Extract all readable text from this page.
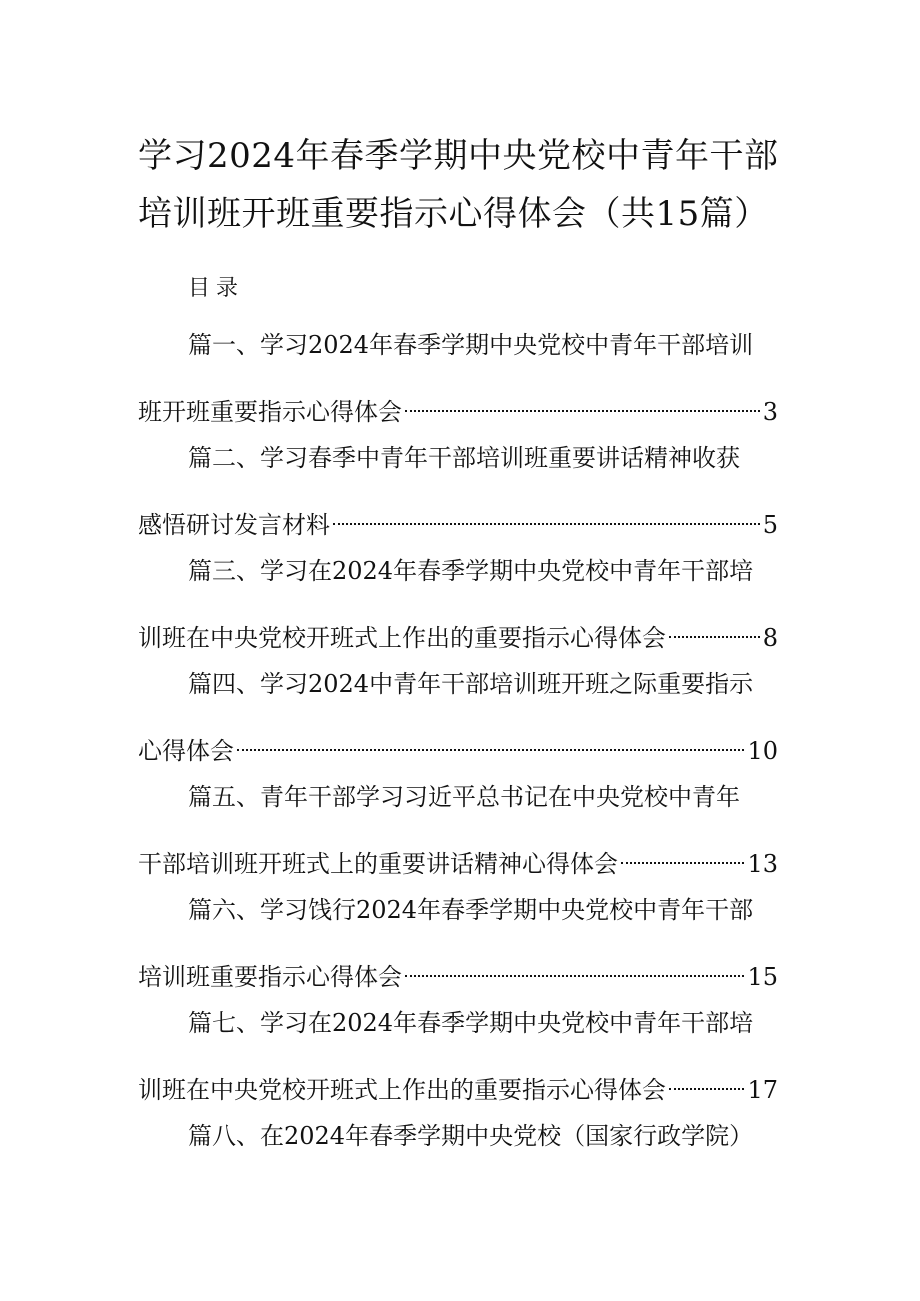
学习2024年春季学期中央党校中青年干部
培训班开班重要指示心得体会（共15篇）
目录
篇一、学习2024年春季学期中央党校中青年干部培训
班开班重要指示心得体会	3
篇二、学习春季中青年干部培训班重要讲话精神收获
感悟研讨发言材料	5
篇三、学习在2024年春季学期中央党校中青年干部培
训班在中央党校开班式上作出的重要指示心得体会	8
篇四、学习2024中青年干部培训班开班之际重要指示
心得体会	10
篇五、青年干部学习习近平总书记在中央党校中青年
干部培训班开班式上的重要讲话精神心得体会	13
篇六、学习饯行2024年春季学期中央党校中青年干部
培训班重要指示心得体会	15
篇七、学习在2024年春季学期中央党校中青年干部培
训班在中央党校开班式上作出的重要指示心得体会	17
篇八、在2024年春季学期中央党校（国家行政学院）
